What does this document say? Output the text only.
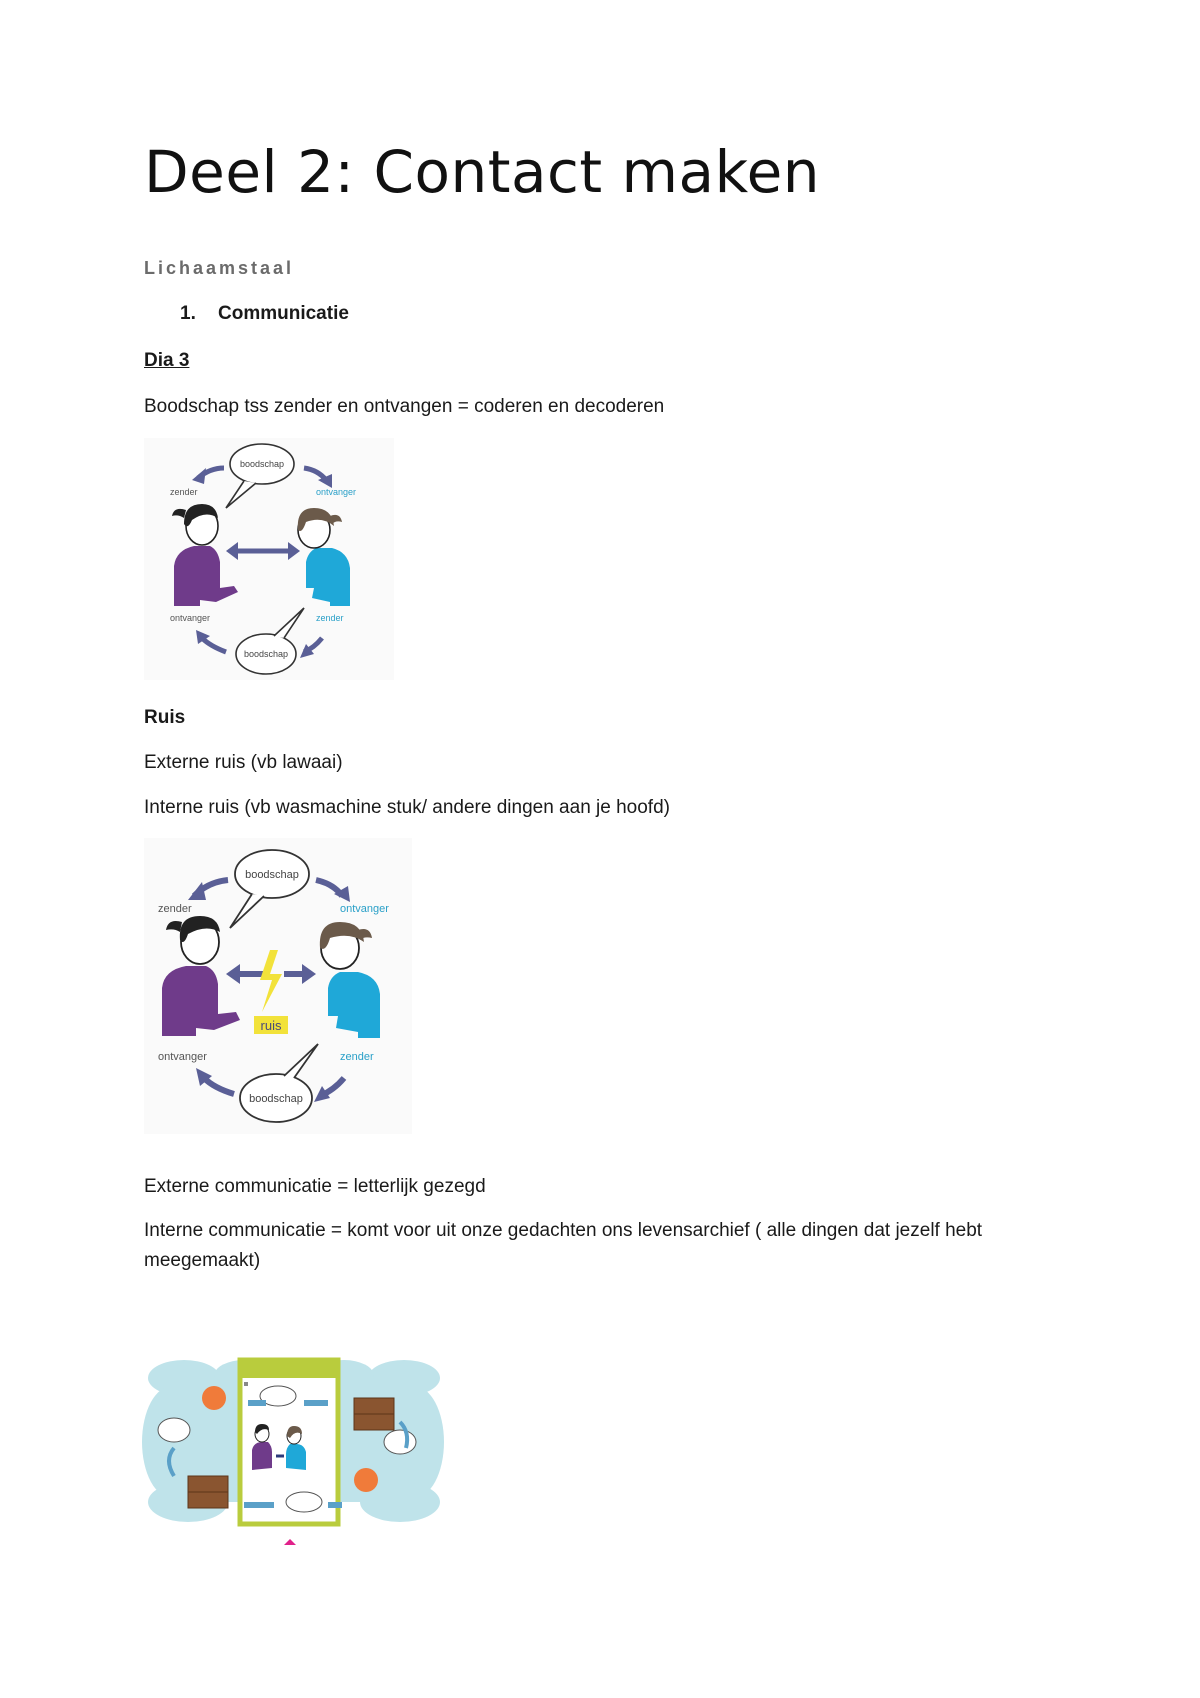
Deel 2: Contact maken
Lichaamstaal
1. Communicatie
Dia 3
Boodschap tss zender en ontvangen = coderen en decoderen
boodschap
boodschap
zender	ontvanger
ontvanger	zender
Ruis
Externe ruis (vb lawaai)
Interne ruis (vb wasmachine stuk/ andere dingen aan je hoofd)
boodschap
boodschap
zender	ontvanger
ontvanger	zender
ruis
Externe communicatie = letterlijk gezegd
Interne communicatie = komt voor uit onze gedachten ons levensarchief ( alle dingen dat jezelf hebt meegemaakt)
